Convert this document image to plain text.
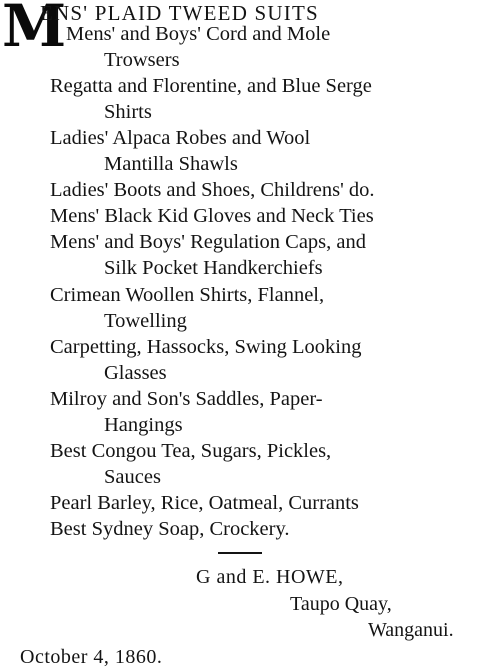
M
ENS' PLAID TWEED SUITS
Mens' and Boys' Cord and Mole
Trowsers
Regatta and Florentine, and Blue Serge
Shirts
Ladies' Alpaca Robes and Wool
Mantilla Shawls
Ladies' Boots and Shoes, Childrens' do.
Mens' Black Kid Gloves and Neck Ties
Mens' and Boys' Regulation Caps, and
Silk Pocket Handkerchiefs
Crimean Woollen Shirts, Flannel,
Towelling
Carpetting, Hassocks, Swing Looking
Glasses
Milroy and Son's Saddles, Paper-
Hangings
Best Congou Tea, Sugars, Pickles,
Sauces
Pearl Barley, Rice, Oatmeal, Currants
Best Sydney Soap, Crockery.
G and E. HOWE,
Taupo Quay,
Wanganui.
October 4, 1860.
